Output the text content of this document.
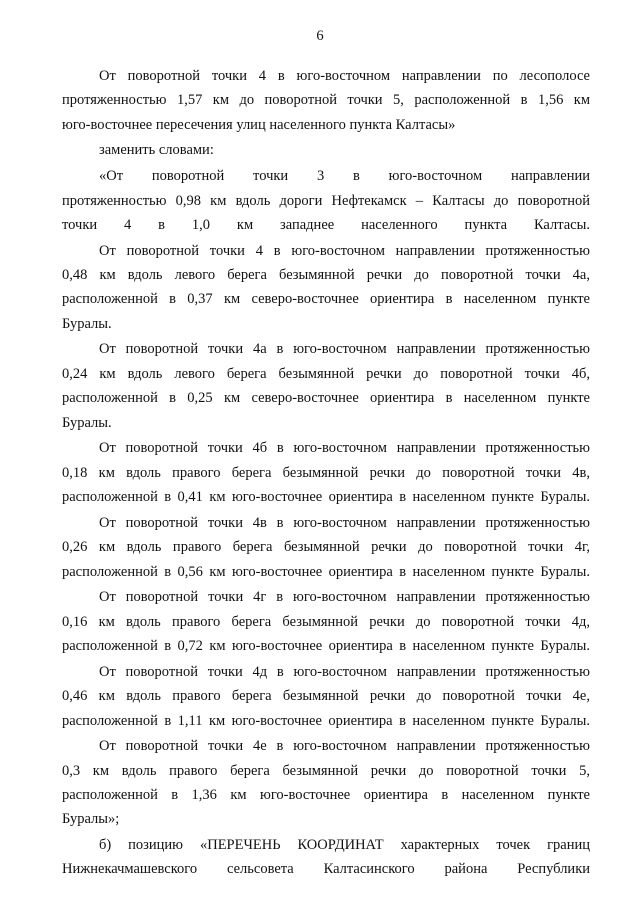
6
От поворотной точки 4 в юго-восточном направлении по лесополосе
протяженностью 1,57 км до поворотной точки 5, расположенной в 1,56 км
юго-восточнее пересечения улиц населенного пункта Калтасы»
заменить словами:
«От поворотной точки 3 в юго-восточном направлении
протяженностью 0,98 км вдоль дороги Нефтекамск – Калтасы до поворотной
точки 4 в 1,0 км западнее населенного пункта Калтасы.
От поворотной точки 4 в юго-восточном направлении протяженностью
0,48 км вдоль левого берега безымянной речки до поворотной точки 4а,
расположенной в 0,37 км северо-восточнее ориентира в населенном пункте
Буралы.
От поворотной точки 4а в юго-восточном направлении протяженностью
0,24 км вдоль левого берега безымянной речки до поворотной точки 4б,
расположенной в 0,25 км северо-восточнее ориентира в населенном пункте
Буралы.
От поворотной точки 4б в юго-восточном направлении протяженностью
0,18 км вдоль правого берега безымянной речки до поворотной точки 4в,
расположенной в 0,41 км юго-восточнее ориентира в населенном пункте Буралы.
От поворотной точки 4в в юго-восточном направлении протяженностью
0,26 км вдоль правого берега безымянной речки до поворотной точки 4г,
расположенной в 0,56 км юго-восточнее ориентира в населенном пункте Буралы.
От поворотной точки 4г в юго-восточном направлении протяженностью
0,16 км вдоль правого берега безымянной речки до поворотной точки 4д,
расположенной в 0,72 км юго-восточнее ориентира в населенном пункте Буралы.
От поворотной точки 4д в юго-восточном направлении протяженностью
0,46 км вдоль правого берега безымянной речки до поворотной точки 4е,
расположенной в 1,11 км юго-восточнее ориентира в населенном пункте Буралы.
От поворотной точки 4е в юго-восточном направлении протяженностью
0,3 км вдоль правого берега безымянной речки до поворотной точки 5,
расположенной в 1,36 км юго-восточнее ориентира в населенном пункте
Буралы»;
б) позицию «ПЕРЕЧЕНЬ КООРДИНАТ характерных точек границ
Нижнекачмашевского сельсовета Калтасинского района Республики
